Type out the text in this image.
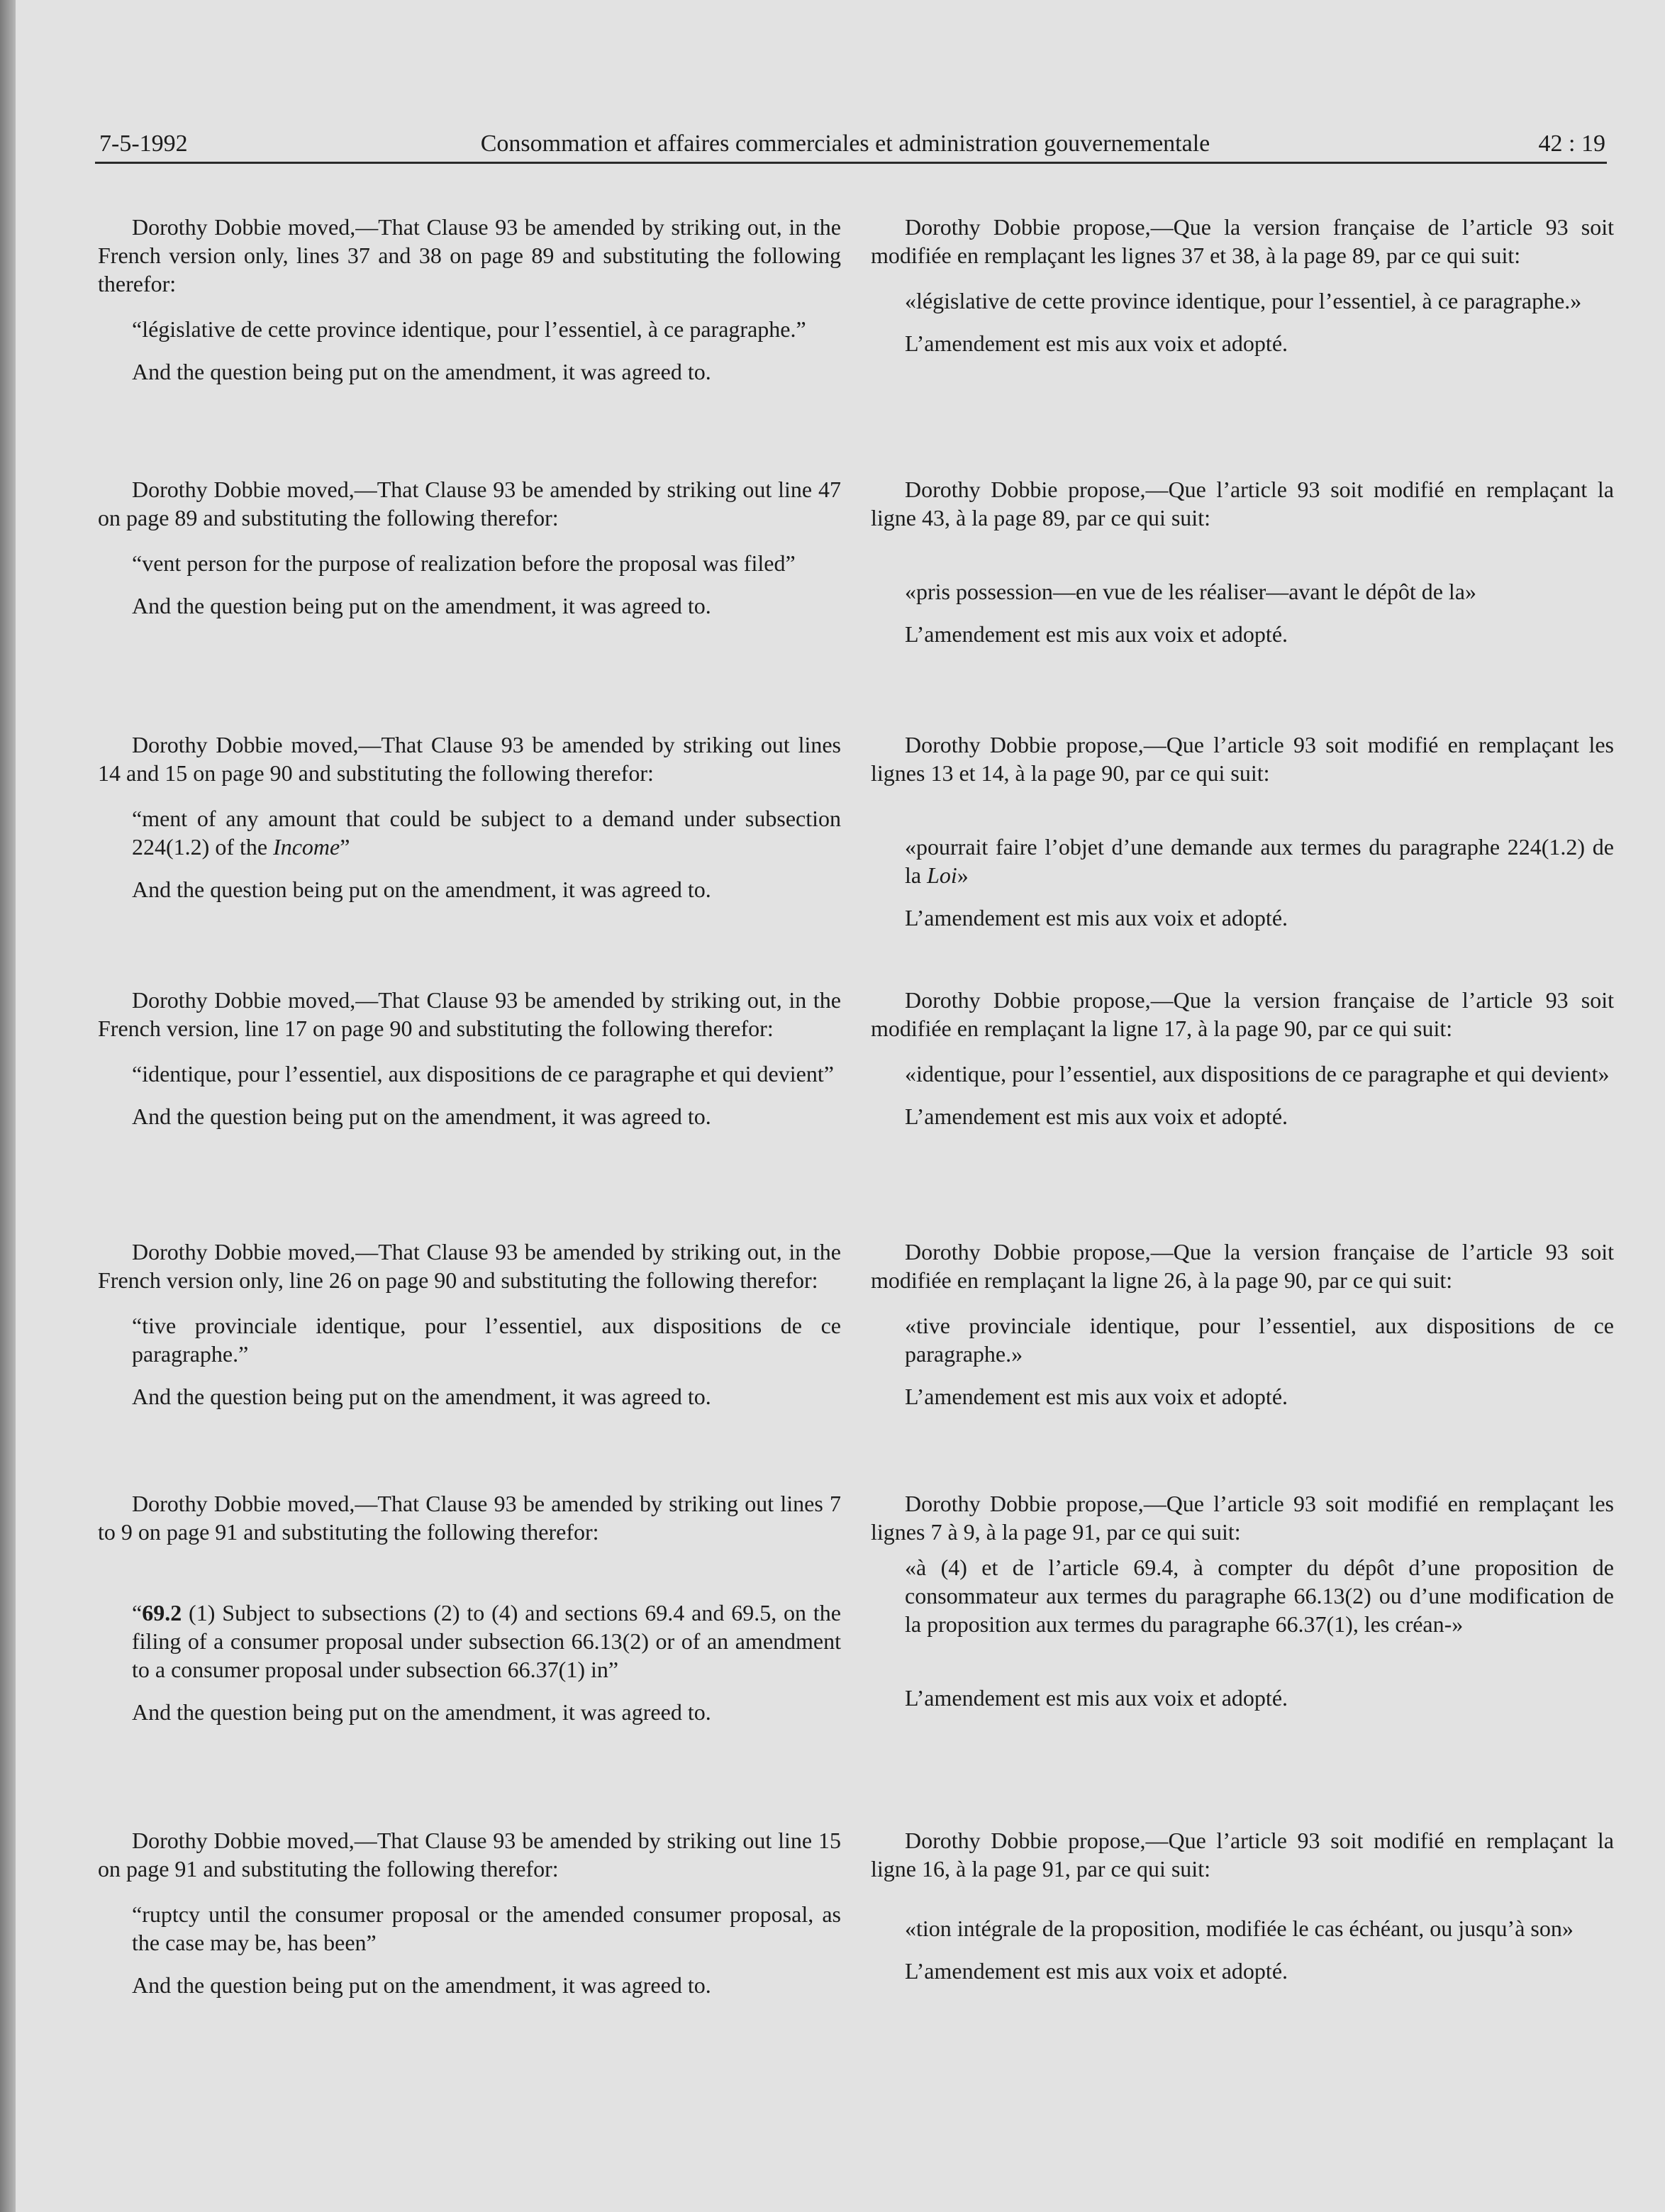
7-5-1992	Consommation et affaires commerciales et administration gouvernementale	42 : 19

Dorothy Dobbie moved,—That Clause 93 be amended by striking out, in the French version only, lines 37 and 38 on page 89 and substituting the following therefor:

“législative de cette province identique, pour l’essentiel, à ce paragraphe.”

And the question being put on the amendment, it was agreed to.

Dorothy Dobbie moved,—That Clause 93 be amended by striking out line 47 on page 89 and substituting the following therefor:

“vent person for the purpose of realization before the proposal was filed”

And the question being put on the amendment, it was agreed to.

Dorothy Dobbie moved,—That Clause 93 be amended by striking out lines 14 and 15 on page 90 and substituting the following therefor:

“ment of any amount that could be subject to a demand under subsection 224(1.2) of the Income”

And the question being put on the amendment, it was agreed to.

Dorothy Dobbie moved,—That Clause 93 be amended by striking out, in the French version, line 17 on page 90 and substituting the following therefor:

“identique, pour l’essentiel, aux dispositions de ce paragraphe et qui devient”

And the question being put on the amendment, it was agreed to.

Dorothy Dobbie moved,—That Clause 93 be amended by striking out, in the French version only, line 26 on page 90 and substituting the following therefor:

“tive provinciale identique, pour l’essentiel, aux dispositions de ce paragraphe.”

And the question being put on the amendment, it was agreed to.

Dorothy Dobbie moved,—That Clause 93 be amended by striking out lines 7 to 9 on page 91 and substituting the following therefor:

“69.2 (1) Subject to subsections (2) to (4) and sections 69.4 and 69.5, on the filing of a consumer proposal under subsection 66.13(2) or of an amendment to a consumer proposal under subsection 66.37(1) in”

And the question being put on the amendment, it was agreed to.

Dorothy Dobbie moved,—That Clause 93 be amended by striking out line 15 on page 91 and substituting the following therefor:

“ruptcy until the consumer proposal or the amended consumer proposal, as the case may be, has been”

And the question being put on the amendment, it was agreed to.

Dorothy Dobbie propose,—Que la version française de l’article 93 soit modifiée en remplaçant les lignes 37 et 38, à la page 89, par ce qui suit:

«législative de cette province identique, pour l’essentiel, à ce paragraphe.»

L’amendement est mis aux voix et adopté.

Dorothy Dobbie propose,—Que l’article 93 soit modifié en remplaçant la ligne 43, à la page 89, par ce qui suit:

«pris possession—en vue de les réaliser—avant le dépôt de la»

L’amendement est mis aux voix et adopté.

Dorothy Dobbie propose,—Que l’article 93 soit modifié en remplaçant les lignes 13 et 14, à la page 90, par ce qui suit:

«pourrait faire l’objet d’une demande aux termes du paragraphe 224(1.2) de la Loi»

L’amendement est mis aux voix et adopté.

Dorothy Dobbie propose,—Que la version française de l’article 93 soit modifiée en remplaçant la ligne 17, à la page 90, par ce qui suit:

«identique, pour l’essentiel, aux dispositions de ce paragraphe et qui devient»

L’amendement est mis aux voix et adopté.

Dorothy Dobbie propose,—Que la version française de l’article 93 soit modifiée en remplaçant la ligne 26, à la page 90, par ce qui suit:

«tive provinciale identique, pour l’essentiel, aux dispositions de ce paragraphe.»

L’amendement est mis aux voix et adopté.

Dorothy Dobbie propose,—Que l’article 93 soit modifié en remplaçant les lignes 7 à 9, à la page 91, par ce qui suit:

«à (4) et de l’article 69.4, à compter du dépôt d’une proposition de consommateur aux termes du paragraphe 66.13(2) ou d’une modification de la proposition aux termes du paragraphe 66.37(1), les créan-»

L’amendement est mis aux voix et adopté.

Dorothy Dobbie propose,—Que l’article 93 soit modifié en remplaçant la ligne 16, à la page 91, par ce qui suit:

«tion intégrale de la proposition, modifiée le cas échéant, ou jusqu’à son»

L’amendement est mis aux voix et adopté.
